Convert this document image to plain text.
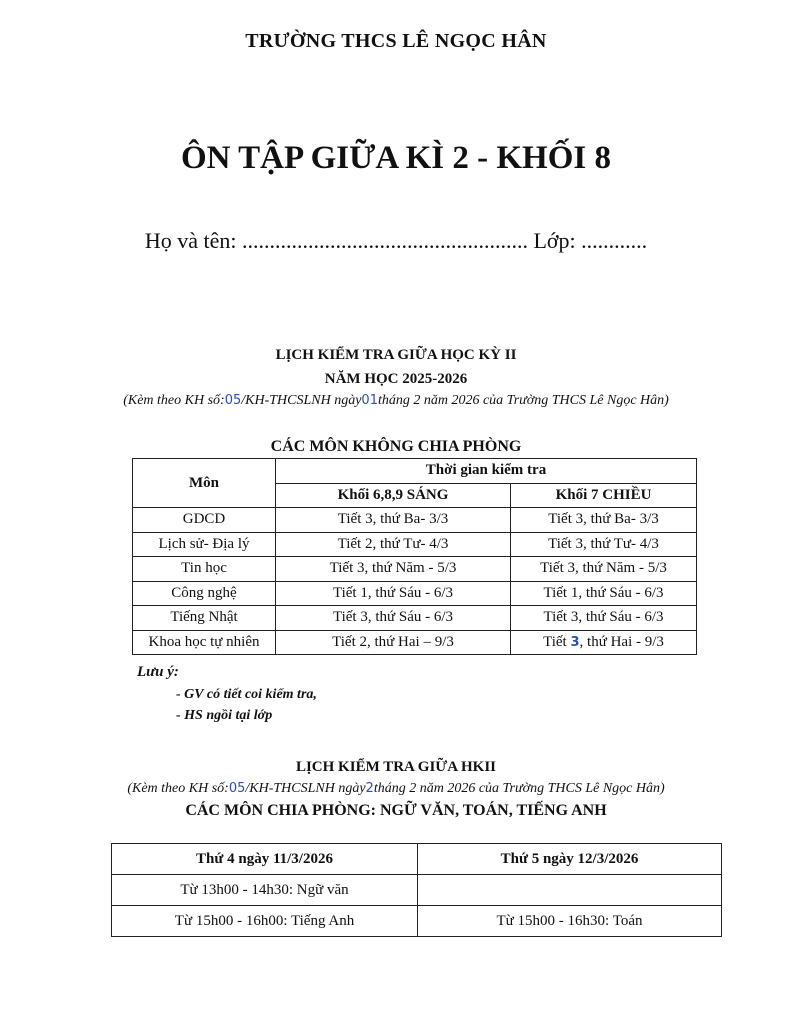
TRƯỜNG THCS LÊ NGỌC HÂN
ÔN TẬP GIỮA KÌ 2 - KHỐI 8
Họ và tên: .................................................... Lớp: ............
LỊCH KIỂM TRA GIỮA HỌC KỲ II
NĂM HỌC 2025-2026
(Kèm theo KH số:05/KH-THCSLNH ngày01tháng 2 năm 2026 của Trường THCS Lê Ngọc Hân)
CÁC MÔN KHÔNG CHIA PHÒNG
Môn	Thời gian kiểm tra	
	Khối 6,8,9 SÁNG	Khối 7 CHIỀU
GDCD	Tiết 3, thứ Ba- 3/3	Tiết 3, thứ Ba- 3/3
Lịch sử- Địa lý	Tiết 2, thứ Tư- 4/3	Tiết 3, thứ Tư- 4/3
Tin học	Tiết 3, thứ Năm - 5/3	Tiết 3, thứ Năm - 5/3
Công nghệ	Tiết 1, thứ Sáu - 6/3	Tiết 1, thứ Sáu - 6/3
Tiếng Nhật	Tiết 3, thứ Sáu - 6/3	Tiết 3, thứ Sáu - 6/3
Khoa học tự nhiên	Tiết 2, thứ Hai – 9/3	Tiết 3, thứ Hai - 9/3
Lưu ý:
- GV có tiết coi kiểm tra,
- HS ngồi tại lớp
LỊCH KIỂM TRA GIỮA HKII
(Kèm theo KH số:05/KH-THCSLNH ngày2tháng 2 năm 2026 của Trường THCS Lê Ngọc Hân)
CÁC MÔN CHIA PHÒNG: NGỮ VĂN, TOÁN, TIẾNG ANH
Thứ 4 ngày 11/3/2026	Thứ 5 ngày 12/3/2026
Từ 13h00 - 14h30: Ngữ văn	
Từ 15h00 - 16h00: Tiếng Anh	Từ 15h00 - 16h30: Toán
